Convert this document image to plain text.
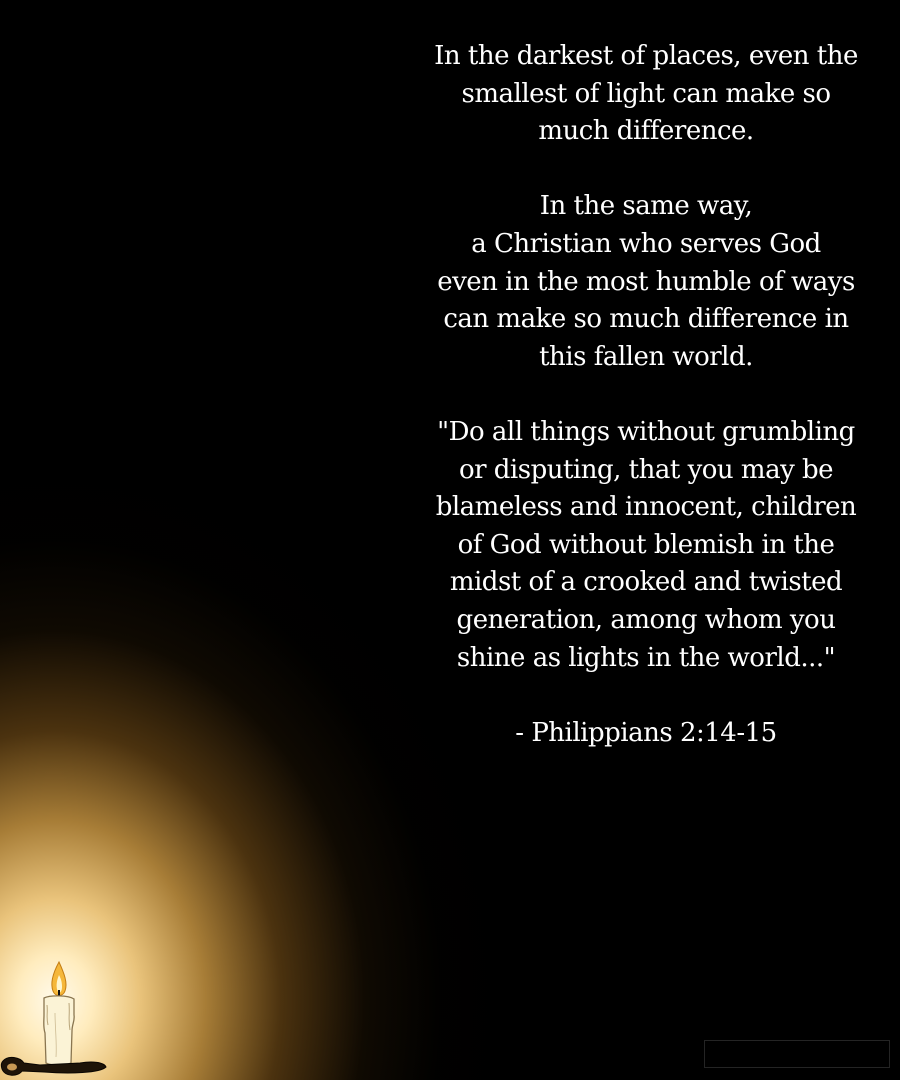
In the darkest of places, even the
smallest of light can make so
much difference.

In the same way,
a Christian who serves God
even in the most humble of ways
can make so much difference in
this fallen world.

"Do all things without grumbling
or disputing, that you may be
blameless and innocent, children
of God without blemish in the
midst of a crooked and twisted
generation, among whom you
shine as lights in the world..."

- Philippians 2:14-15
